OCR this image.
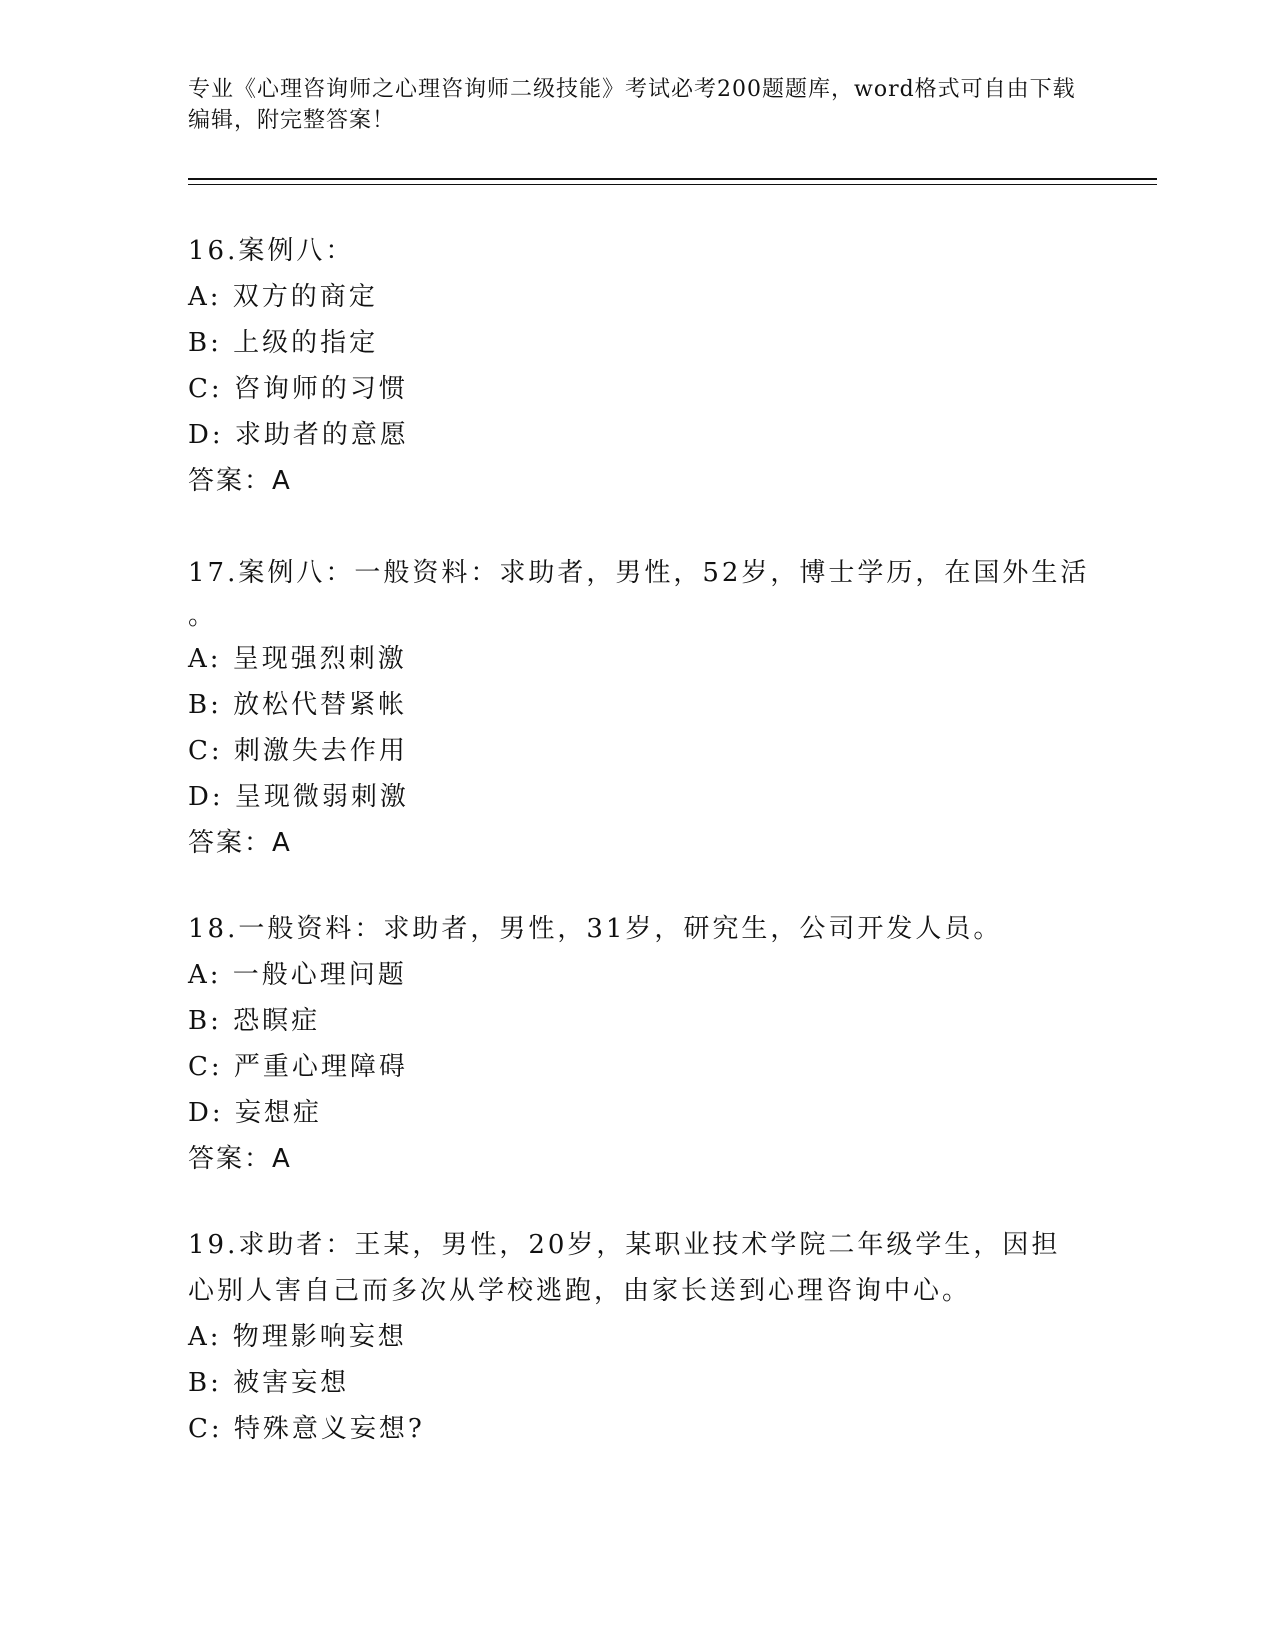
专业《心理咨询师之心理咨询师二级技能》考试必考200题题库，word格式可自由下载编辑，附完整答案！
16.案例八：
A: 双方的商定
B: 上级的指定
C: 咨询师的习惯
D: 求助者的意愿
答案：A
17.案例八：一般资料：求助者，男性，52岁，博士学历，在国外生活
。
A: 呈现强烈刺激
B: 放松代替紧帐
C: 刺激失去作用
D: 呈现微弱刺激
答案：A
18.一般资料：求助者，男性，31岁，研究生，公司开发人员。
A: 一般心理问题
B: 恐瞑症
C: 严重心理障碍
D: 妄想症
答案：A
19.求助者：王某，男性，20岁，某职业技术学院二年级学生，因担心别人害自己而多次从学校逃跑，由家长送到心理咨询中心。
A: 物理影响妄想
B: 被害妄想
C: 特殊意义妄想?
